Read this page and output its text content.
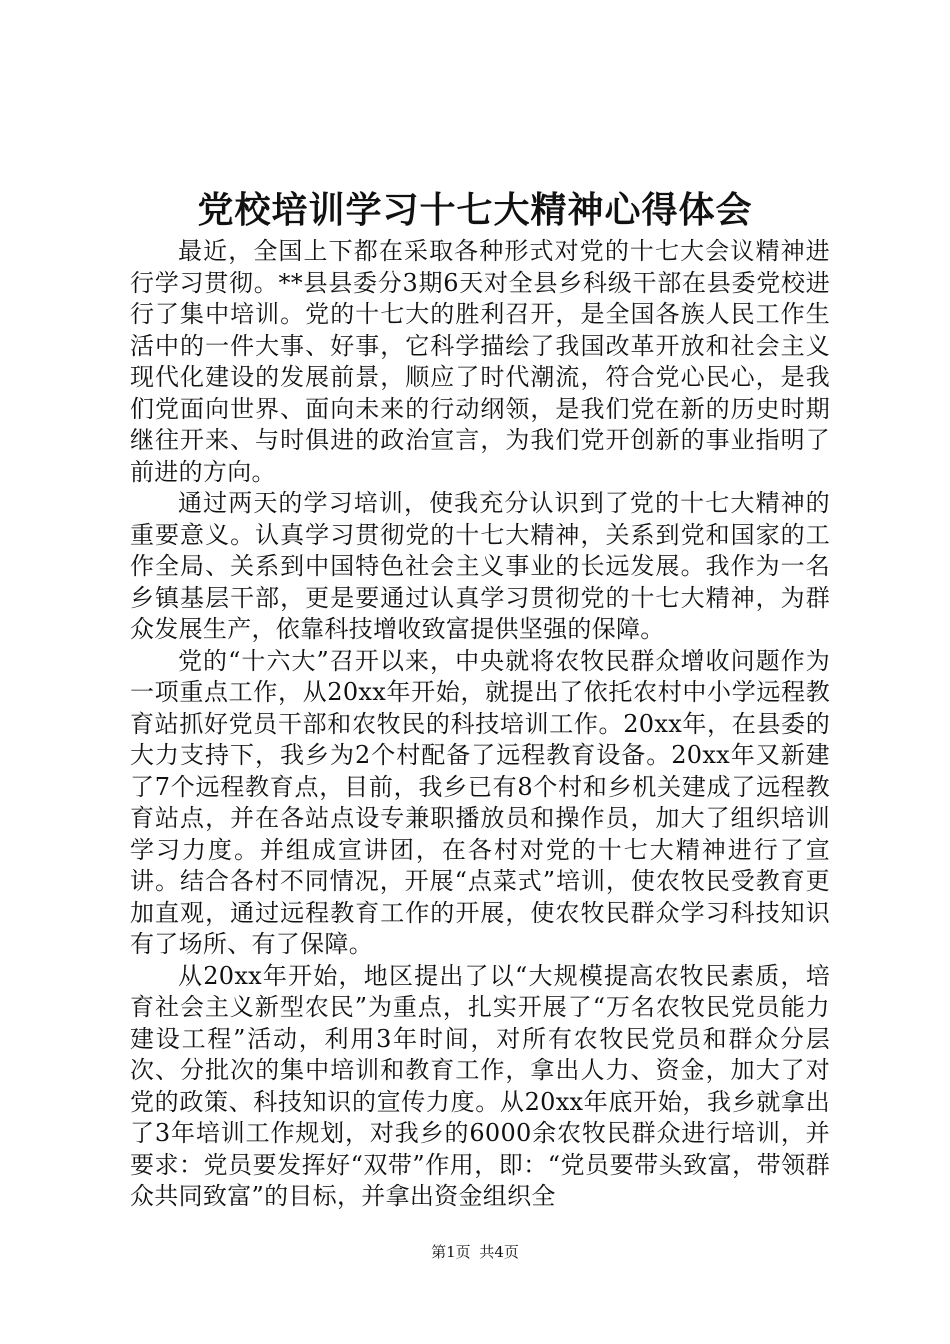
党校培训学习十七大精神心得体会

最近，全国上下都在采取各种形式对党的十七大会议精神进行学习贯彻。**县县委分3期6天对全县乡科级干部在县委党校进行了集中培训。党的十七大的胜利召开，是全国各族人民工作生活中的一件大事、好事，它科学描绘了我国改革开放和社会主义现代化建设的发展前景，顺应了时代潮流，符合党心民心，是我们党面向世界、面向未来的行动纲领，是我们党在新的历史时期继往开来、与时俱进的政治宣言，为我们党开创新的事业指明了前进的方向。

通过两天的学习培训，使我充分认识到了党的十七大精神的重要意义。认真学习贯彻党的十七大精神，关系到党和国家的工作全局、关系到中国特色社会主义事业的长远发展。我作为一名乡镇基层干部，更是要通过认真学习贯彻党的十七大精神，为群众发展生产，依靠科技增收致富提供坚强的保障。

党的“十六大”召开以来，中央就将农牧民群众增收问题作为一项重点工作，从20xx年开始，就提出了依托农村中小学远程教育站抓好党员干部和农牧民的科技培训工作。20xx年，在县委的大力支持下，我乡为2个村配备了远程教育设备。20xx年又新建了7个远程教育点，目前，我乡已有8个村和乡机关建成了远程教育站点，并在各站点设专兼职播放员和操作员，加大了组织培训学习力度。并组成宣讲团，在各村对党的十七大精神进行了宣讲。结合各村不同情况，开展“点菜式”培训，使农牧民受教育更加直观，通过远程教育工作的开展，使农牧民群众学习科技知识有了场所、有了保障。

从20xx年开始，地区提出了以“大规模提高农牧民素质，培育社会主义新型农民”为重点，扎实开展了“万名农牧民党员能力建设工程”活动，利用3年时间，对所有农牧民党员和群众分层次、分批次的集中培训和教育工作，拿出人力、资金，加大了对党的政策、科技知识的宣传力度。从20xx年底开始，我乡就拿出了3年培训工作规划，对我乡的6000余农牧民群众进行培训，并要求：党员要发挥好“双带”作用，即：“党员要带头致富，带领群众共同致富”的目标，并拿出资金组织全

第1页 共4页
